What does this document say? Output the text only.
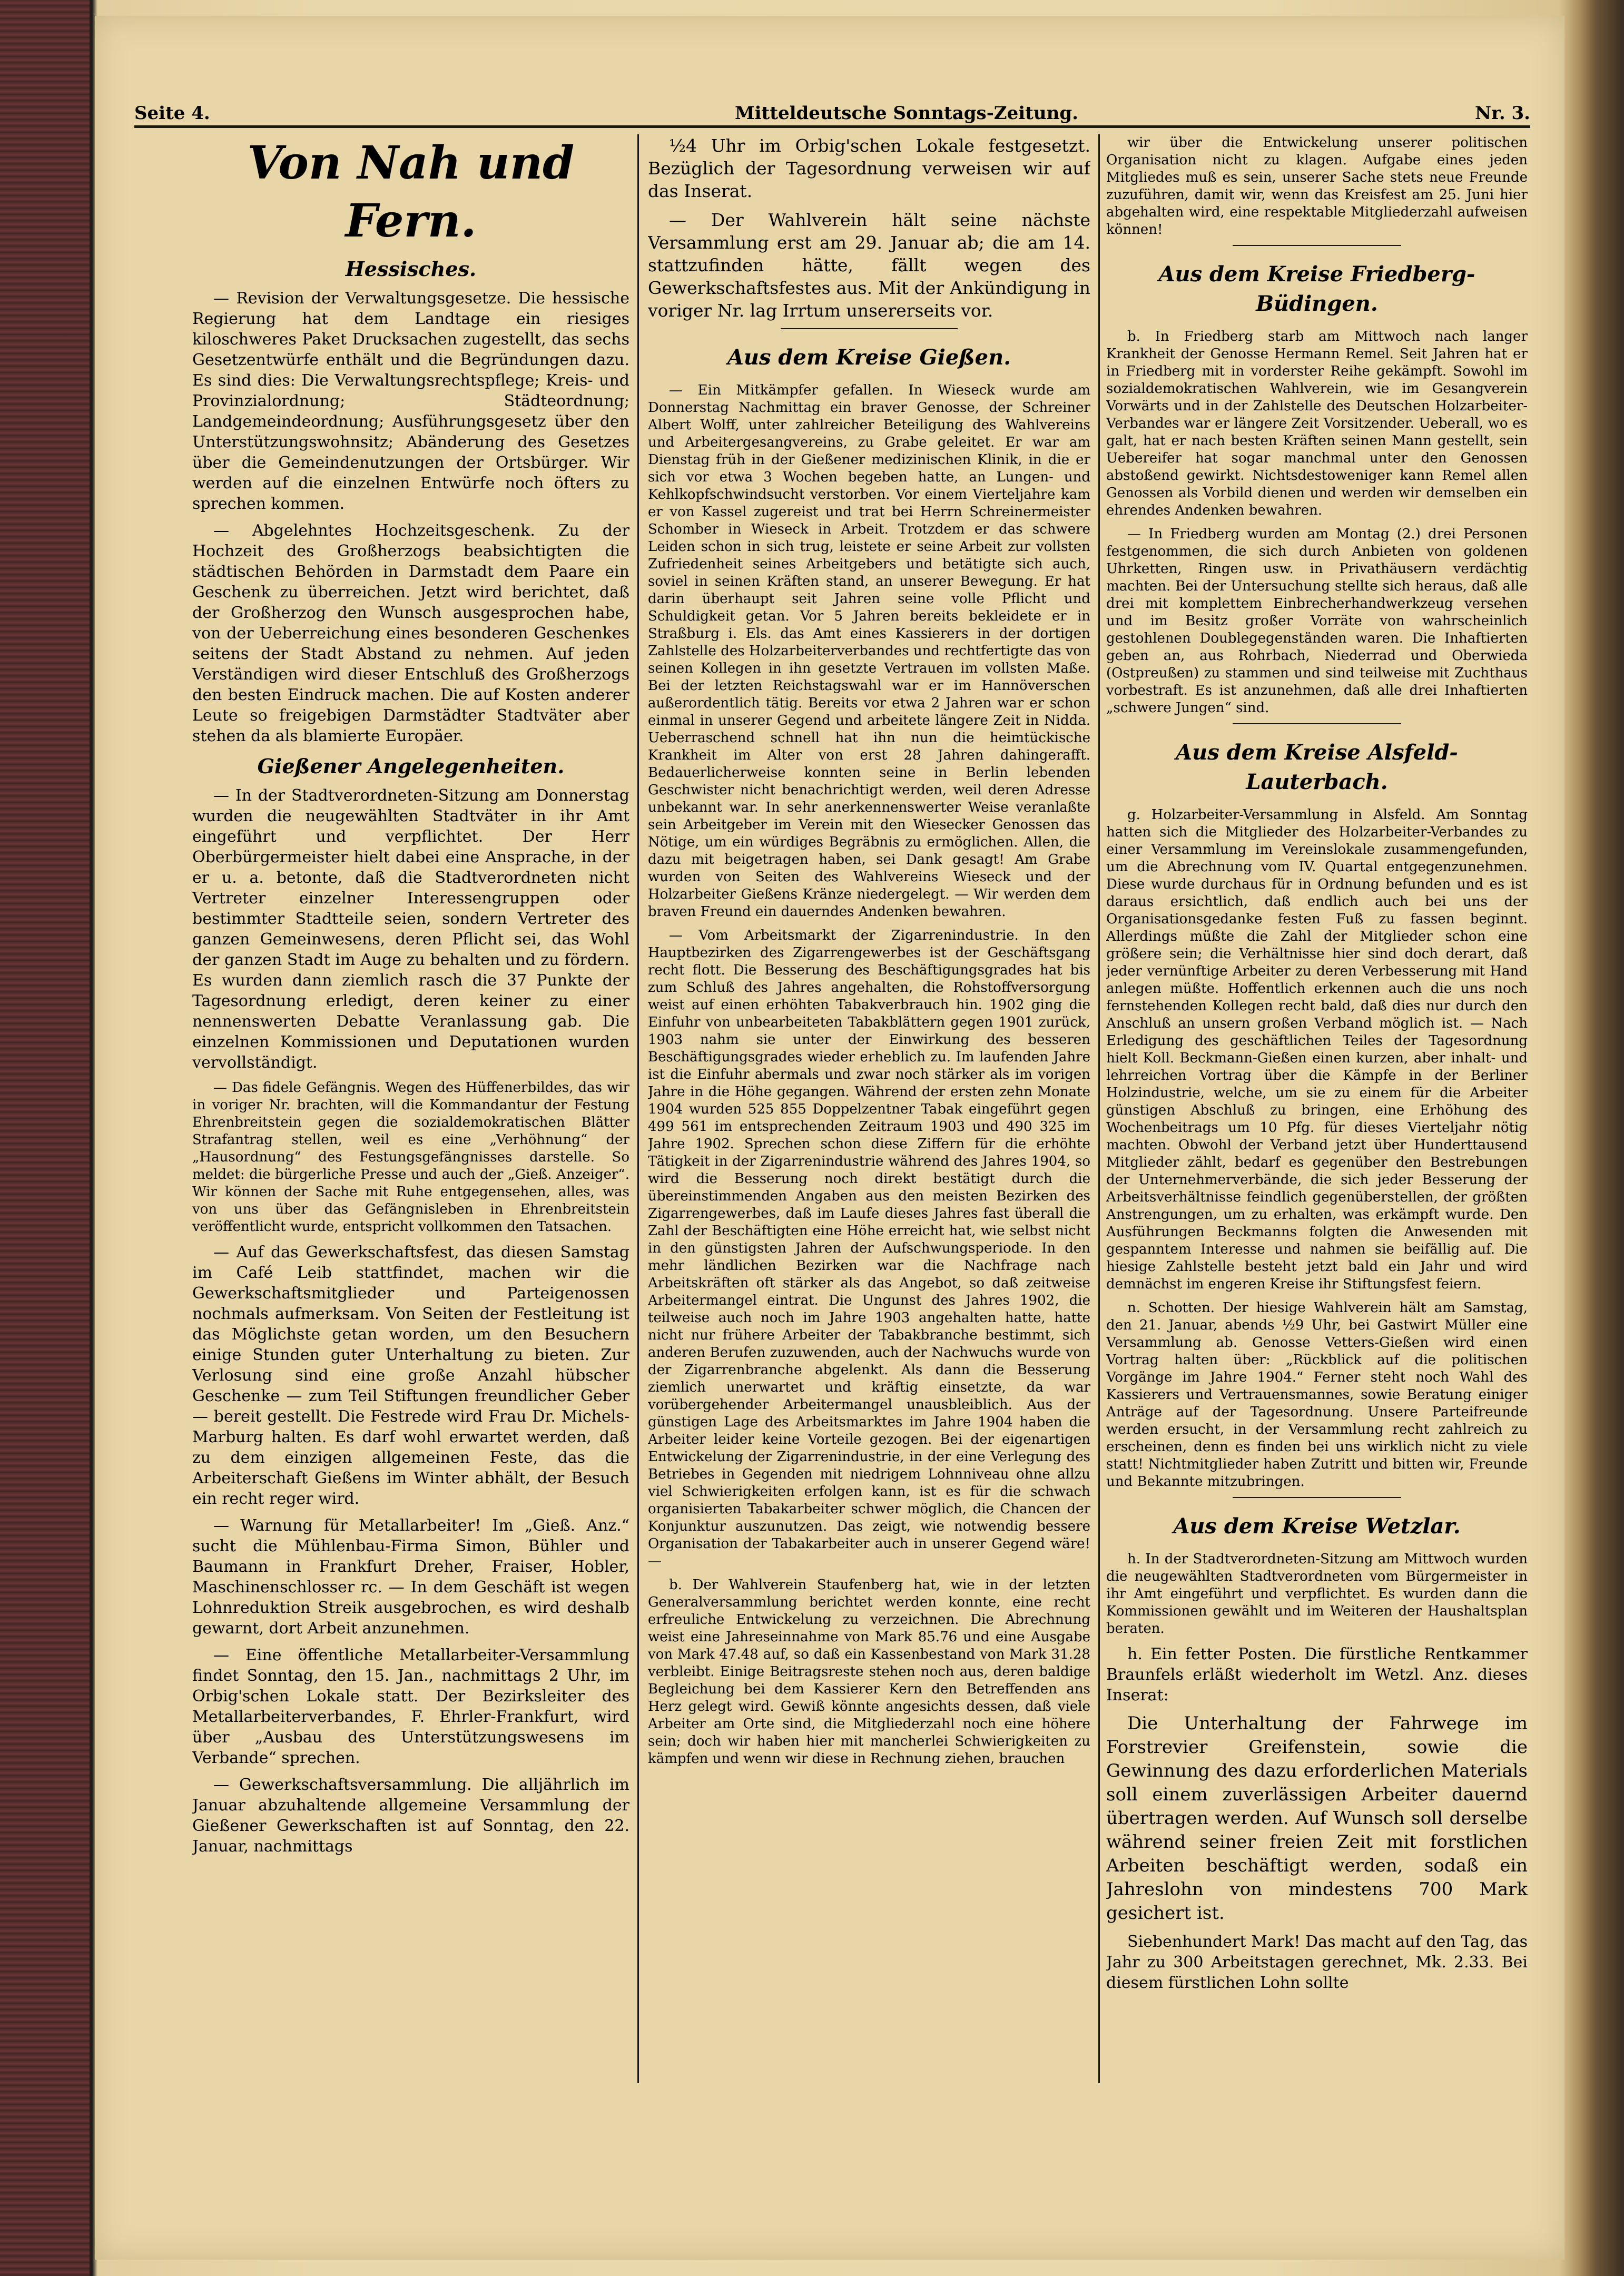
Seite 4.	Mitteldeutsche Sonntags-Zeitung.	Nr. 3.
Von Nah und Fern.
Hessisches.

— Revision der Verwaltungsgesetze. Die hessische Regierung hat dem Landtage ein riesiges kiloschweres Paket Drucksachen zugestellt, das sechs Gesetzentwürfe enthält und die Begründungen dazu. Es sind dies: Die Verwaltungsrechtspflege; Kreis- und Provinzialordnung; Städteordnung; Landgemeindeordnung; Ausführungsgesetz über den Unterstützungswohnsitz; Abänderung des Gesetzes über die Gemeindenutzungen der Ortsbürger. Wir werden auf die einzelnen Entwürfe noch öfters zu sprechen kommen.

— Abgelehntes Hochzeitsgeschenk. Zu der Hochzeit des Großherzogs beabsichtigten die städtischen Behörden in Darmstadt dem Paare ein Geschenk zu überreichen. Jetzt wird berichtet, daß der Großherzog den Wunsch ausgesprochen habe, von der Ueberreichung eines besonderen Geschenkes seitens der Stadt Abstand zu nehmen. Auf jeden Verständigen wird dieser Entschluß des Großherzogs den besten Eindruck machen. Die auf Kosten anderer Leute so freigebigen Darmstädter Stadtväter aber stehen da als blamierte Europäer.

Gießener Angelegenheiten.

— In der Stadtverordneten-Sitzung am Donnerstag wurden die neugewählten Stadtväter in ihr Amt eingeführt und verpflichtet. Der Herr Oberbürgermeister hielt dabei eine Ansprache, in der er u. a. betonte, daß die Stadtverordneten nicht Vertreter einzelner Interessengruppen oder bestimmter Stadtteile seien, sondern Vertreter des ganzen Gemeinwesens, deren Pflicht sei, das Wohl der ganzen Stadt im Auge zu behalten und zu fördern. Es wurden dann ziemlich rasch die 37 Punkte der Tagesordnung erledigt, deren keiner zu einer nennenswerten Debatte Veranlassung gab. Die einzelnen Kommissionen und Deputationen wurden vervollständigt.

— Das fidele Gefängnis. Wegen des Hüffenerbildes, das wir in voriger Nr. brachten, will die Kommandantur der Festung Ehrenbreitstein gegen die sozialdemokratischen Blätter Strafantrag stellen, weil es eine „Verhöhnung“ der „Hausordnung“ des Festungsgefängnisses darstelle. So meldet: die bürgerliche Presse und auch der „Gieß. Anzeiger“. Wir können der Sache mit Ruhe entgegensehen, alles, was von uns über das Gefängnisleben in Ehrenbreitstein veröffentlicht wurde, entspricht vollkommen den Tatsachen.

— Auf das Gewerkschaftsfest, das diesen Samstag im Café Leib stattfindet, machen wir die Gewerkschaftsmitglieder und Parteigenossen nochmals aufmerksam. Von Seiten der Festleitung ist das Möglichste getan worden, um den Besuchern einige Stunden guter Unterhaltung zu bieten. Zur Verlosung sind eine große Anzahl hübscher Geschenke — zum Teil Stiftungen freundlicher Geber — bereit gestellt. Die Festrede wird Frau Dr. Michels-Marburg halten. Es darf wohl erwartet werden, daß zu dem einzigen allgemeinen Feste, das die Arbeiterschaft Gießens im Winter abhält, der Besuch ein recht reger wird.

— Warnung für Metallarbeiter! Im „Gieß. Anz.“ sucht die Mühlenbau-Firma Simon, Bühler und Baumann in Frankfurt Dreher, Fraiser, Hobler, Maschinenschlosser rc. — In dem Geschäft ist wegen Lohnreduktion Streik ausgebrochen, es wird deshalb gewarnt, dort Arbeit anzunehmen.

— Eine öffentliche Metallarbeiter-Versammlung findet Sonntag, den 15. Jan., nachmittags 2 Uhr, im Orbig'schen Lokale statt. Der Bezirksleiter des Metallarbeiterverbandes, F. Ehrler-Frankfurt, wird über „Ausbau des Unterstützungswesens im Verbande“ sprechen.

— Gewerkschaftsversammlung. Die alljährlich im Januar abzuhaltende allgemeine Versammlung der Gießener Gewerkschaften ist auf Sonntag, den 22. Januar, nachmittags

½4 Uhr im Orbig'schen Lokale festgesetzt. Bezüglich der Tagesordnung verweisen wir auf das Inserat.

— Der Wahlverein hält seine nächste Versammlung erst am 29. Januar ab; die am 14. stattzufinden hätte, fällt wegen des Gewerkschaftsfestes aus. Mit der Ankündigung in voriger Nr. lag Irrtum unsererseits vor.

Aus dem Kreise Gießen.

— Ein Mitkämpfer gefallen. In Wieseck wurde am Donnerstag Nachmittag ein braver Genosse, der Schreiner Albert Wolff, unter zahlreicher Beteiligung des Wahlvereins und Arbeitergesangvereins, zu Grabe geleitet. Er war am Dienstag früh in der Gießener medizinischen Klinik, in die er sich vor etwa 3 Wochen begeben hatte, an Lungen- und Kehlkopfschwindsucht verstorben. Vor einem Vierteljahre kam er von Kassel zugereist und trat bei Herrn Schreinermeister Schomber in Wieseck in Arbeit. Trotzdem er das schwere Leiden schon in sich trug, leistete er seine Arbeit zur vollsten Zufriedenheit seines Arbeitgebers und betätigte sich auch, soviel in seinen Kräften stand, an unserer Bewegung. Er hat darin überhaupt seit Jahren seine volle Pflicht und Schuldigkeit getan. Vor 5 Jahren bereits bekleidete er in Straßburg i. Els. das Amt eines Kassierers in der dortigen Zahlstelle des Holzarbeiterverbandes und rechtfertigte das von seinen Kollegen in ihn gesetzte Vertrauen im vollsten Maße. Bei der letzten Reichstagswahl war er im Hannöverschen außerordentlich tätig. Bereits vor etwa 2 Jahren war er schon einmal in unserer Gegend und arbeitete längere Zeit in Nidda. Ueberraschend schnell hat ihn nun die heimtückische Krankheit im Alter von erst 28 Jahren dahingerafft. Bedauerlicherweise konnten seine in Berlin lebenden Geschwister nicht benachrichtigt werden, weil deren Adresse unbekannt war. In sehr anerkennenswerter Weise veranlaßte sein Arbeitgeber im Verein mit den Wiesecker Genossen das Nötige, um ein würdiges Begräbnis zu ermöglichen. Allen, die dazu mit beigetragen haben, sei Dank gesagt! Am Grabe wurden von Seiten des Wahlvereins Wieseck und der Holzarbeiter Gießens Kränze niedergelegt. — Wir werden dem braven Freund ein dauerndes Andenken bewahren.

— Vom Arbeitsmarkt der Zigarrenindustrie. In den Hauptbezirken des Zigarrengewerbes ist der Geschäftsgang recht flott. Die Besserung des Beschäftigungsgrades hat bis zum Schluß des Jahres angehalten, die Rohstoffversorgung weist auf einen erhöhten Tabakverbrauch hin. 1902 ging die Einfuhr von unbearbeiteten Tabakblättern gegen 1901 zurück, 1903 nahm sie unter der Einwirkung des besseren Beschäftigungsgrades wieder erheblich zu. Im laufenden Jahre ist die Einfuhr abermals und zwar noch stärker als im vorigen Jahre in die Höhe gegangen. Während der ersten zehn Monate 1904 wurden 525 855 Doppelzentner Tabak eingeführt gegen 499 561 im entsprechenden Zeitraum 1903 und 490 325 im Jahre 1902. Sprechen schon diese Ziffern für die erhöhte Tätigkeit in der Zigarrenindustrie während des Jahres 1904, so wird die Besserung noch direkt bestätigt durch die übereinstimmenden Angaben aus den meisten Bezirken des Zigarrengewerbes, daß im Laufe dieses Jahres fast überall die Zahl der Beschäftigten eine Höhe erreicht hat, wie selbst nicht in den günstigsten Jahren der Aufschwungsperiode. In den mehr ländlichen Bezirken war die Nachfrage nach Arbeitskräften oft stärker als das Angebot, so daß zeitweise Arbeitermangel eintrat. Die Ungunst des Jahres 1902, die teilweise auch noch im Jahre 1903 angehalten hatte, hatte nicht nur frühere Arbeiter der Tabakbranche bestimmt, sich anderen Berufen zuzuwenden, auch der Nachwuchs wurde von der Zigarrenbranche abgelenkt. Als dann die Besserung ziemlich unerwartet und kräftig einsetzte, da war vorübergehender Arbeitermangel unausbleiblich. Aus der günstigen Lage des Arbeitsmarktes im Jahre 1904 haben die Arbeiter leider keine Vorteile gezogen. Bei der eigenartigen Entwickelung der Zigarrenindustrie, in der eine Verlegung des Betriebes in Gegenden mit niedrigem Lohnniveau ohne allzu viel Schwierigkeiten erfolgen kann, ist es für die schwach organisierten Tabakarbeiter schwer möglich, die Chancen der Konjunktur auszunutzen. Das zeigt, wie notwendig bessere Organisation der Tabakarbeiter auch in unserer Gegend wäre! —

b. Der Wahlverein Staufenberg hat, wie in der letzten Generalversammlung berichtet werden konnte, eine recht erfreuliche Entwickelung zu verzeichnen. Die Abrechnung weist eine Jahreseinnahme von Mark 85.76 und eine Ausgabe von Mark 47.48 auf, so daß ein Kassenbestand von Mark 31.28 verbleibt. Einige Beitragsreste stehen noch aus, deren baldige Begleichung bei dem Kassierer Kern den Betreffenden ans Herz gelegt wird. Gewiß könnte angesichts dessen, daß viele Arbeiter am Orte sind, die Mitgliederzahl noch eine höhere sein; doch wir haben hier mit mancherlei Schwierigkeiten zu kämpfen und wenn wir diese in Rechnung ziehen, brauchen

wir über die Entwickelung unserer politischen Organisation nicht zu klagen. Aufgabe eines jeden Mitgliedes muß es sein, unserer Sache stets neue Freunde zuzuführen, damit wir, wenn das Kreisfest am 25. Juni hier abgehalten wird, eine respektable Mitgliederzahl aufweisen können!

Aus dem Kreise Friedberg-Büdingen.

b. In Friedberg starb am Mittwoch nach langer Krankheit der Genosse Hermann Remel. Seit Jahren hat er in Friedberg mit in vorderster Reihe gekämpft. Sowohl im sozialdemokratischen Wahlverein, wie im Gesangverein Vorwärts und in der Zahlstelle des Deutschen Holzarbeiter-Verbandes war er längere Zeit Vorsitzender. Ueberall, wo es galt, hat er nach besten Kräften seinen Mann gestellt, sein Uebereifer hat sogar manchmal unter den Genossen abstoßend gewirkt. Nichtsdestoweniger kann Remel allen Genossen als Vorbild dienen und werden wir demselben ein ehrendes Andenken bewahren.

— In Friedberg wurden am Montag (2.) drei Personen festgenommen, die sich durch Anbieten von goldenen Uhrketten, Ringen usw. in Privathäusern verdächtig machten. Bei der Untersuchung stellte sich heraus, daß alle drei mit komplettem Einbrecherhandwerkzeug versehen und im Besitz großer Vorräte von wahrscheinlich gestohlenen Doublegegenständen waren. Die Inhaftierten geben an, aus Rohrbach, Niederrad und Oberwieda (Ostpreußen) zu stammen und sind teilweise mit Zuchthaus vorbestraft. Es ist anzunehmen, daß alle drei Inhaftierten „schwere Jungen“ sind.

Aus dem Kreise Alsfeld-Lauterbach.

g. Holzarbeiter-Versammlung in Alsfeld. Am Sonntag hatten sich die Mitglieder des Holzarbeiter-Verbandes zu einer Versammlung im Vereinslokale zusammengefunden, um die Abrechnung vom IV. Quartal entgegenzunehmen. Diese wurde durchaus für in Ordnung befunden und es ist daraus ersichtlich, daß endlich auch bei uns der Organisationsgedanke festen Fuß zu fassen beginnt. Allerdings müßte die Zahl der Mitglieder schon eine größere sein; die Verhältnisse hier sind doch derart, daß jeder vernünftige Arbeiter zu deren Verbesserung mit Hand anlegen müßte. Hoffentlich erkennen auch die uns noch fernstehenden Kollegen recht bald, daß dies nur durch den Anschluß an unsern großen Verband möglich ist. — Nach Erledigung des geschäftlichen Teiles der Tagesordnung hielt Koll. Beckmann-Gießen einen kurzen, aber inhalt- und lehrreichen Vortrag über die Kämpfe in der Berliner Holzindustrie, welche, um sie zu einem für die Arbeiter günstigen Abschluß zu bringen, eine Erhöhung des Wochenbeitrags um 10 Pfg. für dieses Vierteljahr nötig machten. Obwohl der Verband jetzt über Hunderttausend Mitglieder zählt, bedarf es gegenüber den Bestrebungen der Unternehmerverbände, die sich jeder Besserung der Arbeitsverhältnisse feindlich gegenüberstellen, der größten Anstrengungen, um zu erhalten, was erkämpft wurde. Den Ausführungen Beckmanns folgten die Anwesenden mit gespanntem Interesse und nahmen sie beifällig auf. Die hiesige Zahlstelle besteht jetzt bald ein Jahr und wird demnächst im engeren Kreise ihr Stiftungsfest feiern.

n. Schotten. Der hiesige Wahlverein hält am Samstag, den 21. Januar, abends ½9 Uhr, bei Gastwirt Müller eine Versammlung ab. Genosse Vetters-Gießen wird einen Vortrag halten über: „Rückblick auf die politischen Vorgänge im Jahre 1904.“ Ferner steht noch Wahl des Kassierers und Vertrauensmannes, sowie Beratung einiger Anträge auf der Tagesordnung. Unsere Parteifreunde werden ersucht, in der Versammlung recht zahlreich zu erscheinen, denn es finden bei uns wirklich nicht zu viele statt! Nichtmitglieder haben Zutritt und bitten wir, Freunde und Bekannte mitzubringen.

Aus dem Kreise Wetzlar.

h. In der Stadtverordneten-Sitzung am Mittwoch wurden die neugewählten Stadtverordneten vom Bürgermeister in ihr Amt eingeführt und verpflichtet. Es wurden dann die Kommissionen gewählt und im Weiteren der Haushaltsplan beraten.

h. Ein fetter Posten. Die fürstliche Rentkammer Braunfels erläßt wiederholt im Wetzl. Anz. dieses Inserat:

Die Unterhaltung der Fahrwege im Forstrevier Greifenstein, sowie die Gewinnung des dazu erforderlichen Materials soll einem zuverlässigen Arbeiter dauernd übertragen werden. Auf Wunsch soll derselbe während seiner freien Zeit mit forstlichen Arbeiten beschäftigt werden, sodaß ein Jahreslohn von mindestens 700 Mark gesichert ist.

Siebenhundert Mark! Das macht auf den Tag, das Jahr zu 300 Arbeitstagen gerechnet, Mk. 2.33. Bei diesem fürstlichen Lohn sollte
